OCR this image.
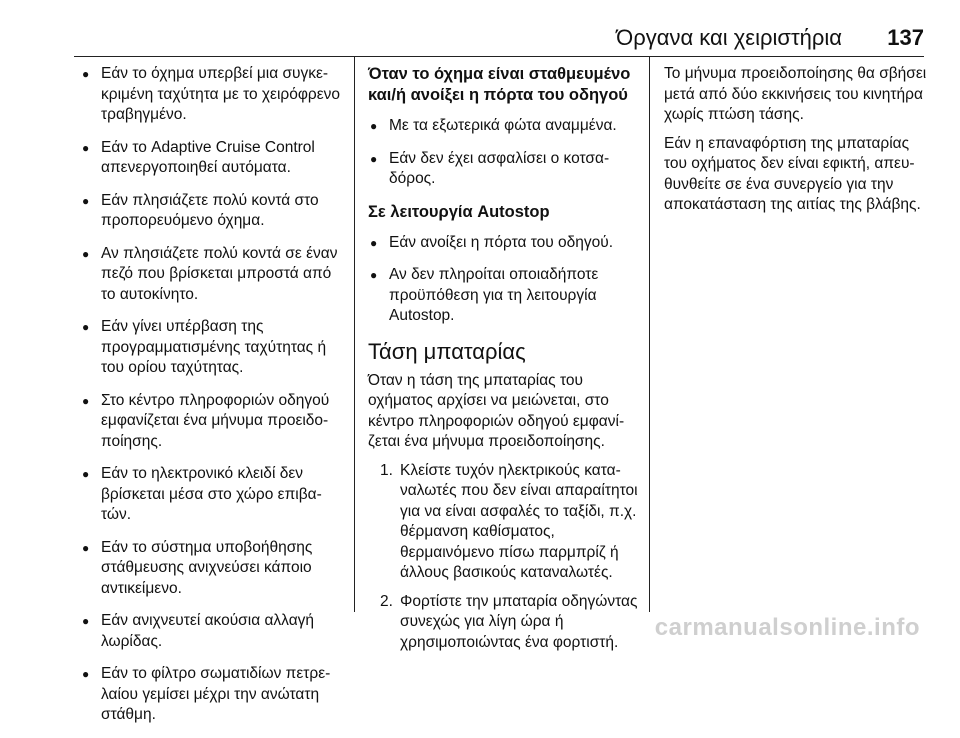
Όργανα και χειριστήρια 137
● Εάν το όχημα υπερβεί μια συγκεκριμένη ταχύτητα με το χειρόφρενο τραβηγμένο.
● Εάν το Adaptive Cruise Control απενεργοποιηθεί αυτόματα.
● Εάν πλησιάζετε πολύ κοντά στο προπορευόμενο όχημα.
● Αν πλησιάζετε πολύ κοντά σε έναν πεζό που βρίσκεται μπροστά από το αυτοκίνητο.
● Εάν γίνει υπέρβαση της προγραμματισμένης ταχύτητας ή του ορίου ταχύτητας.
● Στο κέντρο πληροφοριών οδηγού εμφανίζεται ένα μήνυμα προειδοποίησης.
● Εάν το ηλεκτρονικό κλειδί δεν βρίσκεται μέσα στο χώρο επιβατών.
● Εάν το σύστημα υποβοήθησης στάθμευσης ανιχνεύσει κάποιο αντικείμενο.
● Εάν ανιχνευτεί ακούσια αλλαγή λωρίδας.
● Εάν το φίλτρο σωματιδίων πετρελαίου γεμίσει μέχρι την ανώτατη στάθμη.
Όταν το όχημα είναι σταθμευμένο και/ή ανοίξει η πόρτα του οδηγού
● Με τα εξωτερικά φώτα αναμμένα.
● Εάν δεν έχει ασφαλίσει ο κοτσαδόρος.
Σε λειτουργία Autostop
● Εάν ανοίξει η πόρτα του οδηγού.
● Αν δεν πληροίται οποιαδήποτε προϋπόθεση για τη λειτουργία Autostop.
Τάση μπαταρίας

Όταν η τάση της μπαταρίας του οχήματος αρχίσει να μειώνεται, στο κέντρο πληροφοριών οδηγού εμφανίζεται ένα μήνυμα προειδοποίησης.

1. Κλείστε τυχόν ηλεκτρικούς καταναλωτές που δεν είναι απαραίτητοι για να είναι ασφαλές το ταξίδι, π.χ. θέρμανση καθίσματος, θερμαινόμενο πίσω παρμπρίζ ή άλλους βασικούς καταναλωτές.
2. Φορτίστε την μπαταρία οδηγώντας συνεχώς για λίγη ώρα ή χρησιμοποιώντας ένα φορτιστή.

Το μήνυμα προειδοποίησης θα σβήσει μετά από δύο εκκινήσεις του κινητήρα χωρίς πτώση τάσης.

Εάν η επαναφόρτιση της μπαταρίας του οχήματος δεν είναι εφικτή, απευθυνθείτε σε ένα συνεργείο για την αποκατάσταση της αιτίας της βλάβης.

carmanualsonline.info
